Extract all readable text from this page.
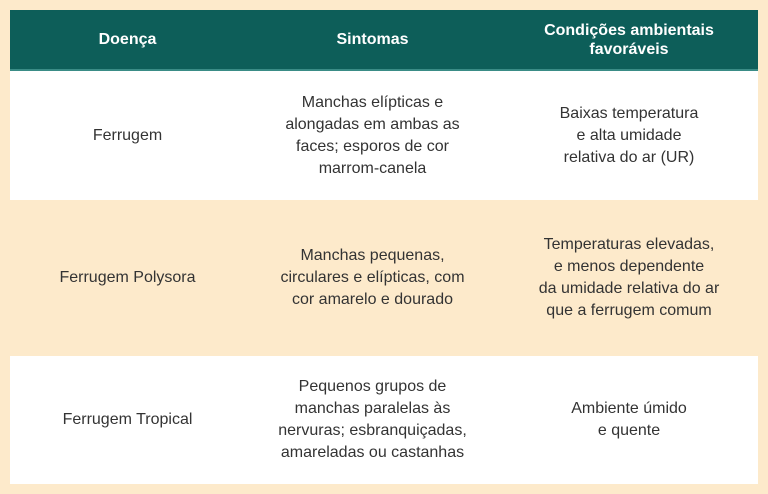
Doença	Sintomas
Condições ambientais
favoráveis
Ferrugem
Manchas elípticas e
alongadas em ambas as
faces; esporos de cor
marrom-canela
Baixas temperatura
e alta umidade
relativa do ar (UR)
Ferrugem Polysora
Manchas pequenas,
circulares e elípticas, com
cor amarelo e dourado
Temperaturas elevadas,
e menos dependente
da umidade relativa do ar
que a ferrugem comum
Ferrugem Tropical
Pequenos grupos de
manchas paralelas às
nervuras; esbranquiçadas,
amareladas ou castanhas
Ambiente úmido
e quente
